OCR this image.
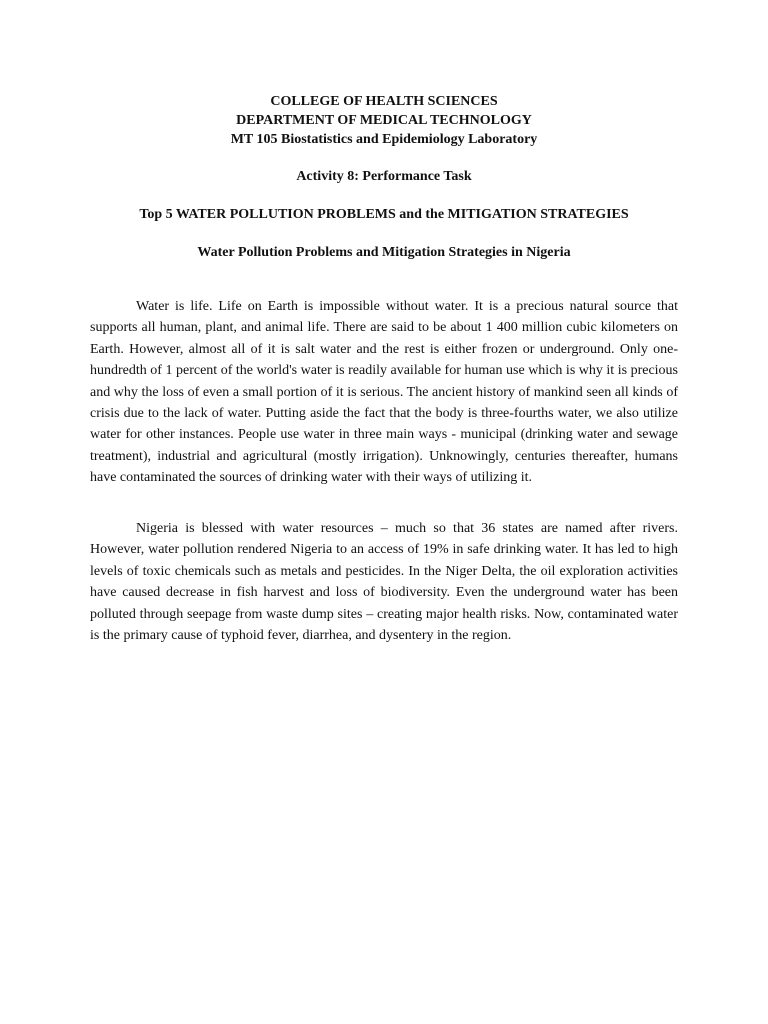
COLLEGE OF HEALTH SCIENCES
DEPARTMENT OF MEDICAL TECHNOLOGY
MT 105 Biostatistics and Epidemiology Laboratory
Activity 8: Performance Task
Top 5 WATER POLLUTION PROBLEMS and the MITIGATION STRATEGIES
Water Pollution Problems and Mitigation Strategies in Nigeria

Water is life. Life on Earth is impossible without water. It is a precious natural source that supports all human, plant, and animal life. There are said to be about 1 400 million cubic kilometers on Earth. However, almost all of it is salt water and the rest is either frozen or underground. Only one-hundredth of 1 percent of the world's water is readily available for human use which is why it is precious and why the loss of even a small portion of it is serious. The ancient history of mankind seen all kinds of crisis due to the lack of water. Putting aside the fact that the body is three-fourths water, we also utilize water for other instances. People use water in three main ways - municipal (drinking water and sewage treatment), industrial and agricultural (mostly irrigation). Unknowingly, centuries thereafter, humans have contaminated the sources of drinking water with their ways of utilizing it.

Nigeria is blessed with water resources – much so that 36 states are named after rivers. However, water pollution rendered Nigeria to an access of 19% in safe drinking water. It has led to high levels of toxic chemicals such as metals and pesticides. In the Niger Delta, the oil exploration activities have caused decrease in fish harvest and loss of biodiversity. Even the underground water has been polluted through seepage from waste dump sites – creating major health risks. Now, contaminated water is the primary cause of typhoid fever, diarrhea, and dysentery in the region.
